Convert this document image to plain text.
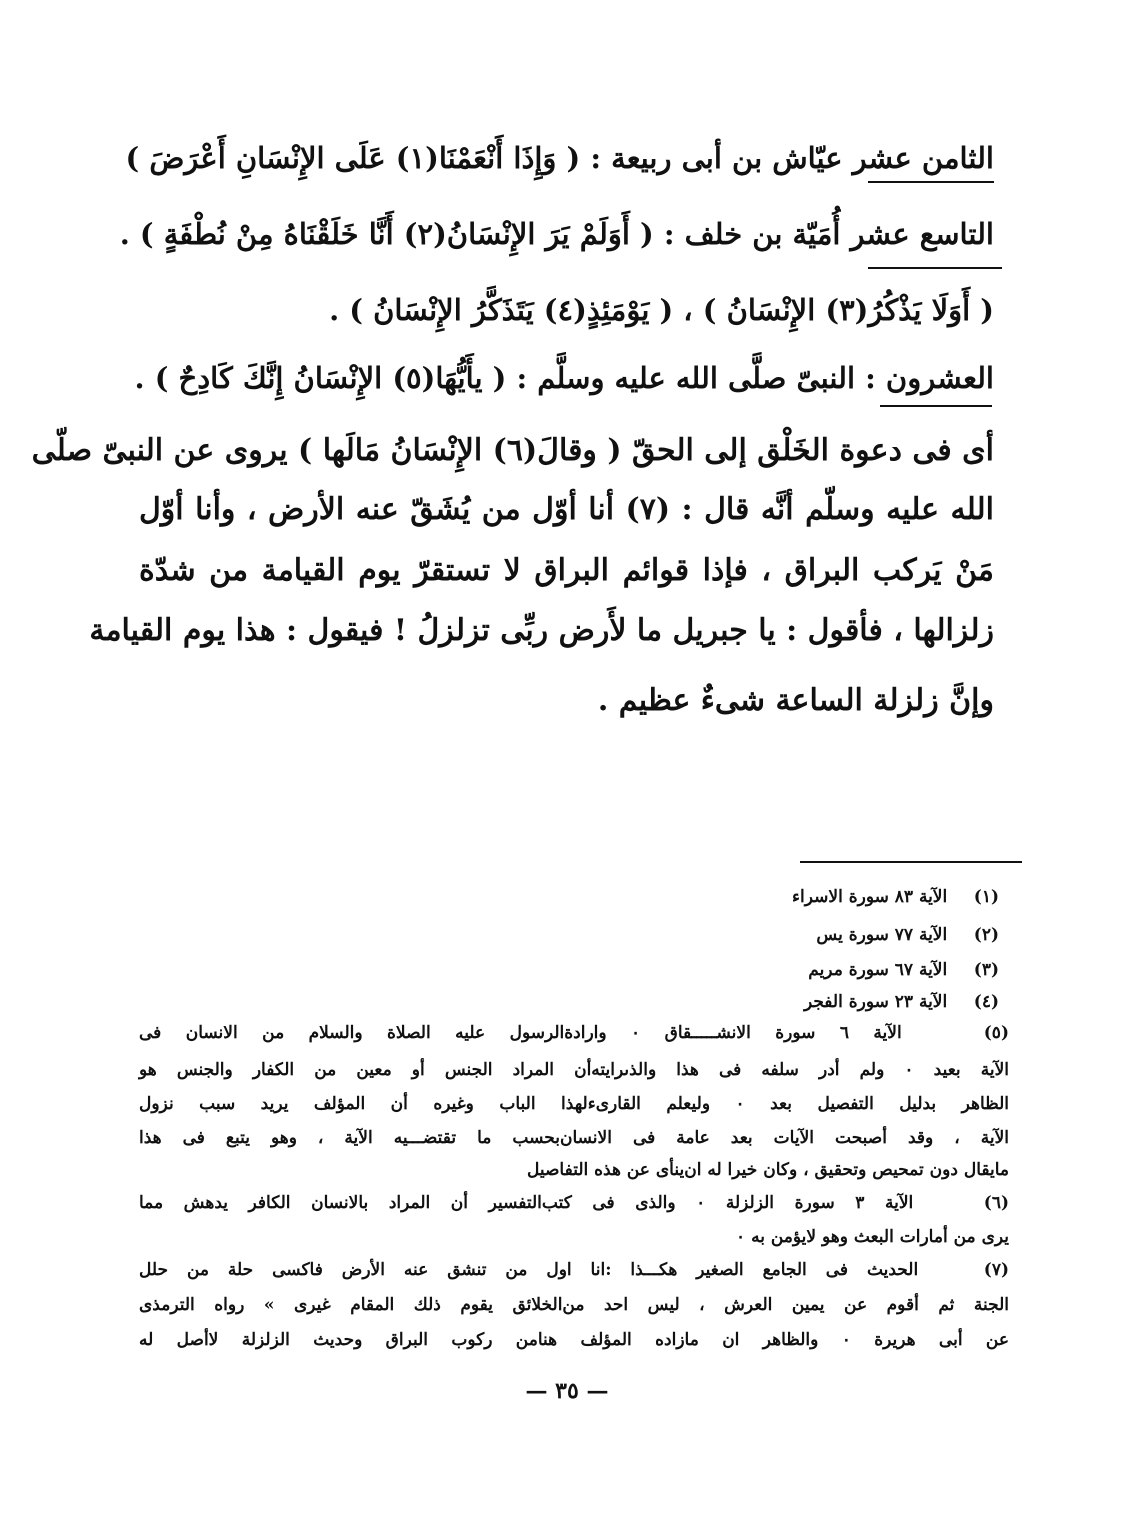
الثامن عشر عيّاش بن أبى ربيعة : ( وَإِذَا أَنْعَمْنَا(١) عَلَى الإِنْسَانِ أَعْرَضَ )
التاسع عشر أُمَيّة بن خلف : ( أَوَلَمْ يَرَ الإِنْسَانُ(٢) أَنَّا خَلَقْنَاهُ مِنْ نُطْفَةٍ ) .
( أَوَلَا يَذْكُرُ(٣) الإِنْسَانُ ) ، ( يَوْمَئِذٍ(٤) يَتَذَكَّرُ الإِنْسَانُ ) .
العشرون : النبىّ صلَّى الله عليه وسلَّم : ( يأَيُّهَا(٥) الإِنْسَانُ إِنَّكَ كَادِحٌ ) .
أى فى دعوة الخَلْق إلى الحقّ ( وقالَ(٦) الإِنْسَانُ مَالَها ) يروى عن النبىّ صلّى
الله عليه وسلّم أنَّه قال : (٧) أنا أوّل من يُشَقّ عنه الأرض ، وأنا أوّل
مَنْ يَركب البراق ، فإذا قوائم البراق لا تستقرّ يوم القيامة من شدّة
زلزالها ، فأقول : يا جبريل ما لأَرض ربِّى تزلزلُ ! فيقول : هذا يوم القيامة
وإنَّ زلزلة الساعة شىءٌ عظيم .
(١)   الآية ٨٣ سورة الاسراء
(٢)   الآية ٧٧ سورة يس
(٣)   الآية ٦٧ سورة مريم
(٤)   الآية ٢٣ سورة الفجر
(٥)   الآية ٦ سورة الانشـــــقاق ٠ وارادةالرسول عليه الصلاة والسلام من الانسان فى
الآية بعيد ٠ ولم أدر سلفه فى هذا والذىرايته‌أن المراد الجنس أو معين من الكفار والجنس هو
الظاهر بدليل التفصيل بعد ٠ وليعلم القارىءلهذا الباب وغيره أن المؤلف يريد سبب نزول
الآية ، وقد أصبحت الآيات بعد عامة فى الانسان‌بحسب ما تقتضـــيه الآية ، وهو يتبع فى هذا
مايقال دون تمحيص وتحقيق ، وكان خيرا له ان‌ينأى عن هذه التفاصيل
(٦)   الآية ٣ سورة الزلزلة ٠ والذى فى كتب‌التفسير أن المراد بالانسان الكافر يدهش مما
يرى من أمارات البعث وهو لايؤمن به ٠
(٧)   الحديث فى الجامع الصغير هكـــذا :انا اول من تنشق عنه الأرض فاكسى حلة من حلل
الجنة ثم أقوم عن يمين العرش ، ليس احد من‌الخلائق يقوم ذلك المقام غيرى » رواه الترمذى
عن أبى هريرة ٠ والظاهر ان مازاده المؤلف هنامن ركوب البراق وحديث الزلزلة لاأصل له
— ٣٥ —
